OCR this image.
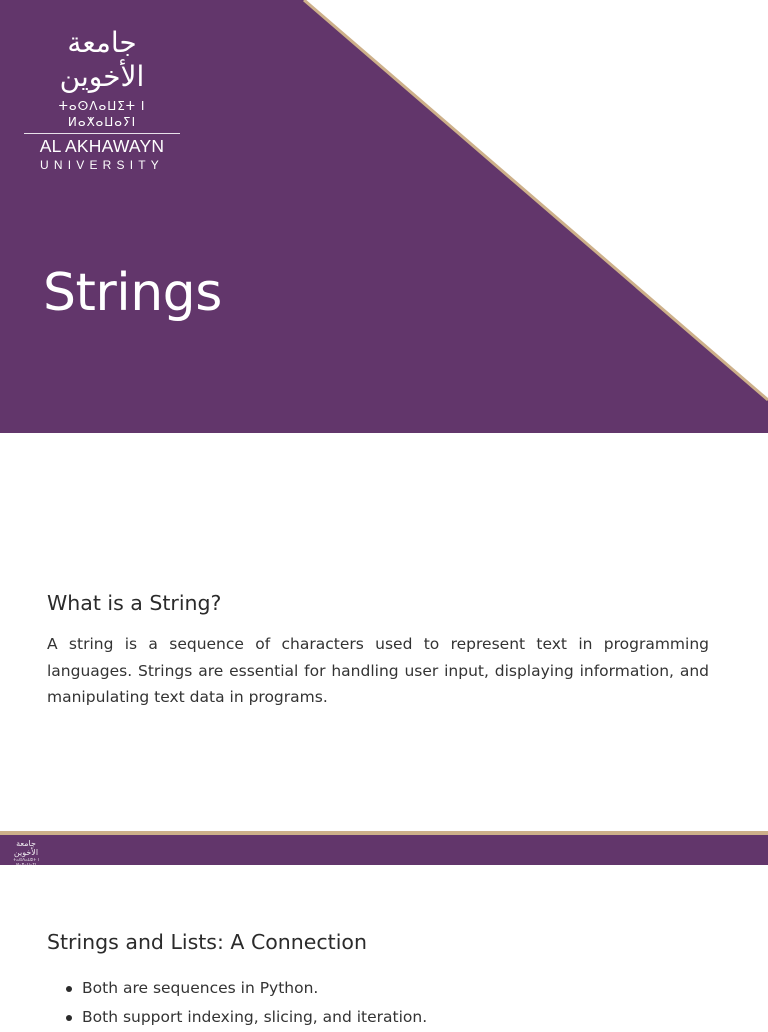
جامعة الأخوين
ⵜⴰⵙⴷⴰⵡⵉⵜ ⵏ ⵍⴰⵅⴰⵡⴰⵢⵏ
AL AKHAWAYN
UNIVERSITY
Strings
What is a String?

A string is a sequence of characters used to represent text in programming languages. Strings are essential for handling user input, displaying information, and manipulating text data in programs.

جامعة الأخوين
ⵜⴰⵙⴷⴰⵡⵉⵜ ⵏ ⵍⴰⵅⴰⵡⴰⵢⵏ
AL AKHAWAYN
Strings and Lists: A Connection
Both are sequences in Python.
Both support indexing, slicing, and iteration.
